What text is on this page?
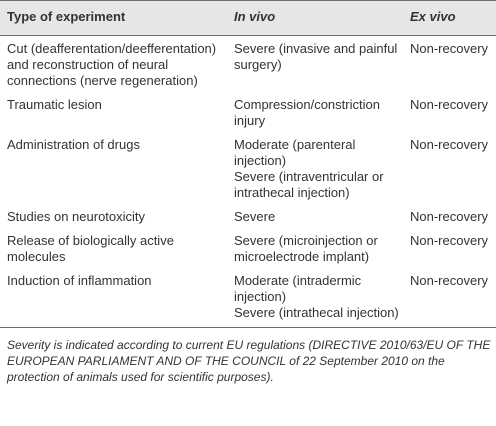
Type of experiment	In vivo	Ex vivo

Cut (deafferentation/deefferentation)
and reconstruction of neural
connections (nerve regeneration)	Severe (invasive and painful
surgery)	Non-recovery

Traumatic lesion	Compression/constriction
injury	Non-recovery

Administration of drugs	Moderate (parenteral
injection)
Severe (intraventricular or
intrathecal injection)	Non-recovery

Studies on neurotoxicity	Severe	Non-recovery

Release of biologically active
molecules	Severe (microinjection or
microelectrode implant)	Non-recovery

Induction of inflammation	Moderate (intradermic
injection)
Severe (intrathecal injection)	Non-recovery
Severity is indicated according to current EU regulations (DIRECTIVE 2010/63/EU OF THE EUROPEAN PARLIAMENT AND OF THE COUNCIL of 22 September 2010 on the protection of animals used for scientific purposes).
